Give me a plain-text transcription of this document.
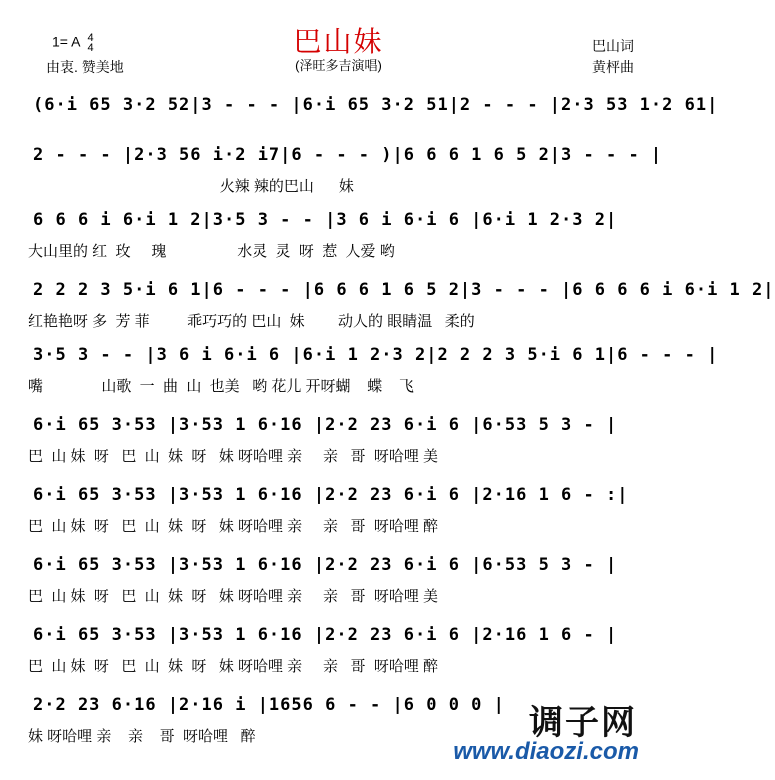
巴山妹
(泽旺多吉演唱)
1= A 4
4
由衷. 赞美地
巴山词
黄枰曲
(6·i 65 3·2 52|3 - - - |6·i 65 3·2 51|2 - - - |2·3 53 1·2 61|
2 - - - |2·3 56 i·2 i7|6 - - - )|6 6 6 1 6 5 2|3 - - - |
火辣 辣的巴山      妹
6 6 6 i 6·i 1 2|3·5 3 - - |3 6 i 6·i 6 |6·i 1 2·3 2|
大山里的 红  玫     瑰                 水灵  灵  呀  惹  人爱 哟
2 2 2 3 5·i 6 1|6 - - - |6 6 6 1 6 5 2|3 - - - |6 6 6 6 i 6·i 1 2|
红艳艳呀 多  芳 菲         乖巧巧的 巴山  妹        动人的 眼睛温   柔的
3·5 3 - - |3 6 i 6·i 6 |6·i 1 2·3 2|2 2 2 3 5·i 6 1|6 - - - |
嘴              山歌  一  曲  山  也美   哟 花儿 开呀蝴    蝶    飞
6·i 65 3·53 |3·53 1 6·16 |2·2 23 6·i 6 |6·53 5 3 - |
巴  山 妹  呀   巴  山  妹  呀   妹 呀哈哩 亲     亲   哥  呀哈哩 美
6·i 65 3·53 |3·53 1 6·16 |2·2 23 6·i 6 |2·16 1 6 - :|
巴  山 妹  呀   巴  山  妹  呀   妹 呀哈哩 亲     亲   哥  呀哈哩 醉
6·i 65 3·53 |3·53 1 6·16 |2·2 23 6·i 6 |6·53 5 3 - |
巴  山 妹  呀   巴  山  妹  呀   妹 呀哈哩 亲     亲   哥  呀哈哩 美
6·i 65 3·53 |3·53 1 6·16 |2·2 23 6·i 6 |2·16 1 6 - |
巴  山 妹  呀   巴  山  妹  呀   妹 呀哈哩 亲     亲   哥  呀哈哩 醉
2·2 23 6·16 |2·16 i |1656 6 - - |6 0 0 0 |
妹 呀哈哩 亲    亲    哥  呀哈哩   醉	调子网
www.diaozi.com
